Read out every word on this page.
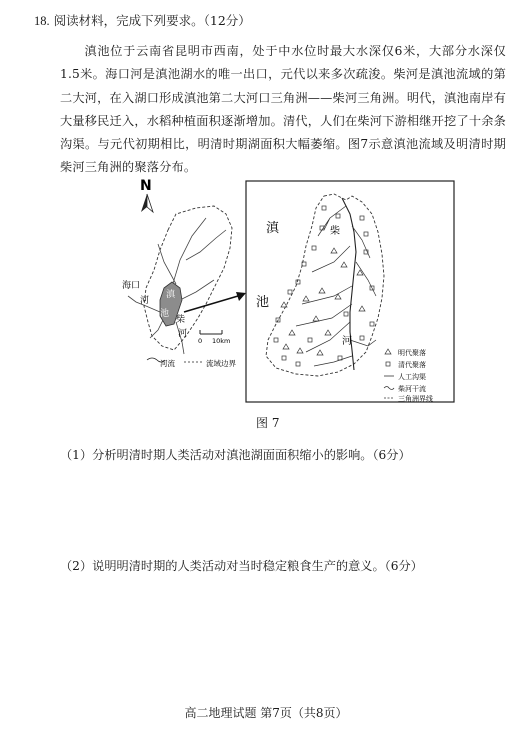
18. 阅读材料，完成下列要求。（12分）
滇池位于云南省昆明市西南，处于中水位时最大水深仅6米，大部分水深仅1.5米。海口河是滇池湖水的唯一出口，元代以来多次疏浚。柴河是滇池流域的第二大河，在入湖口形成滇池第二大河口三角洲——柴河三角洲。明代，滇池南岸有大量移民迁入，水稻种植面积逐渐增加。清代，人们在柴河下游相继开挖了十余条沟渠。与元代初期相比，明清时期湖面积大幅萎缩。图7示意滇池流域及明清时期柴河三角洲的聚落分布。
N
海口
河
滇
池
柴
河
0 10km
河流	流域边界
滇
池
柴
河
明代聚落
清代聚落
人工沟渠
柴河干流
三角洲界线
图 7
（1）分析明清时期人类活动对滇池湖面面积缩小的影响。（6分）
（2）说明明清时期的人类活动对当时稳定粮食生产的意义。（6分）
高二地理试题 第7页（共8页）
